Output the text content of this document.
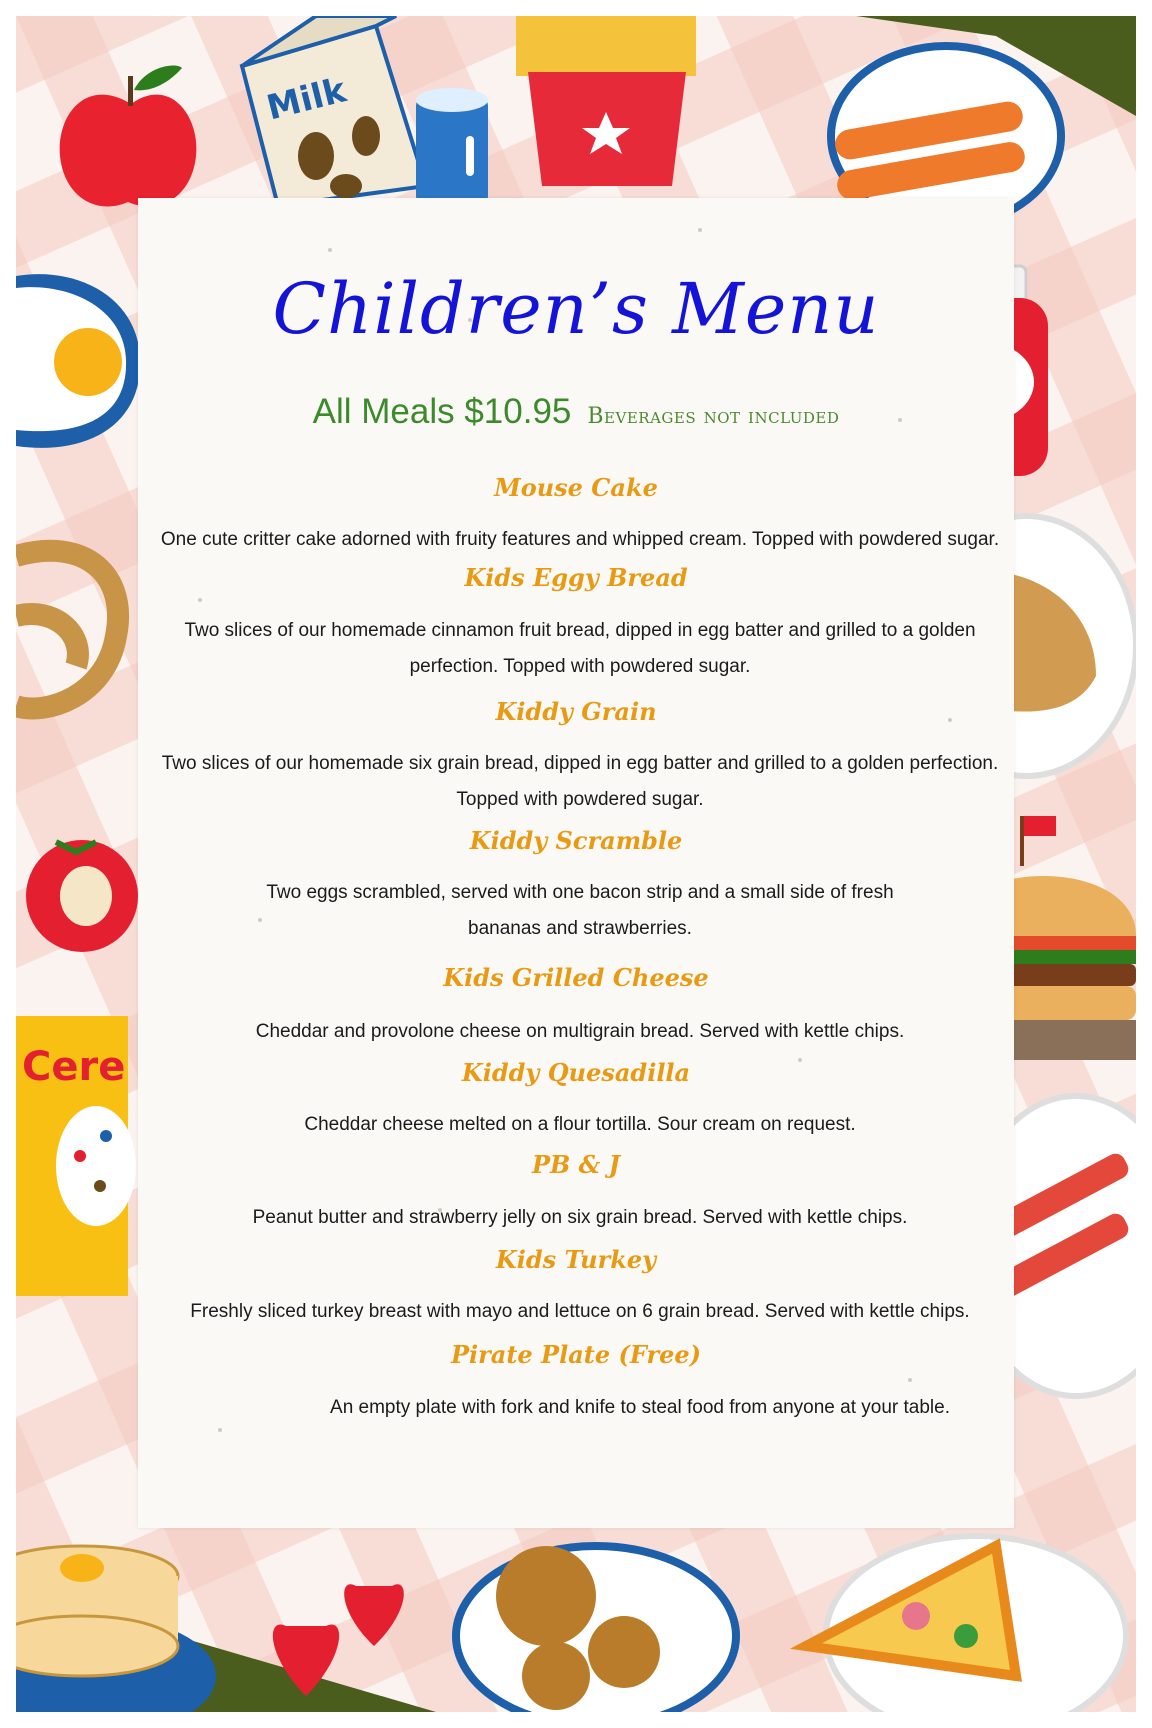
Milk
Cere
Children’s Menu
All Meals $10.95 Beverages not included
Mouse Cake
One cute critter cake adorned with fruity features and whipped cream. Topped with powdered sugar.
Kids Eggy Bread
Two slices of our homemade cinnamon fruit bread, dipped in egg batter and grilled to a golden perfection. Topped with powdered sugar.
Kiddy Grain
Two slices of our homemade six grain bread, dipped in egg batter and grilled to a golden perfection. Topped with powdered sugar.
Kiddy Scramble
Two eggs scrambled, served with one bacon strip and a small side of fresh bananas and strawberries.
Kids Grilled Cheese
Cheddar and provolone cheese on multigrain bread. Served with kettle chips.
Kiddy Quesadilla
Cheddar cheese melted on a flour tortilla. Sour cream on request.
PB & J
Peanut butter and strawberry jelly on six grain bread. Served with kettle chips.
Kids Turkey
Freshly sliced turkey breast with mayo and lettuce on 6 grain bread. Served with kettle chips.
Pirate Plate (Free)
An empty plate with fork and knife to steal food from anyone at your table.
